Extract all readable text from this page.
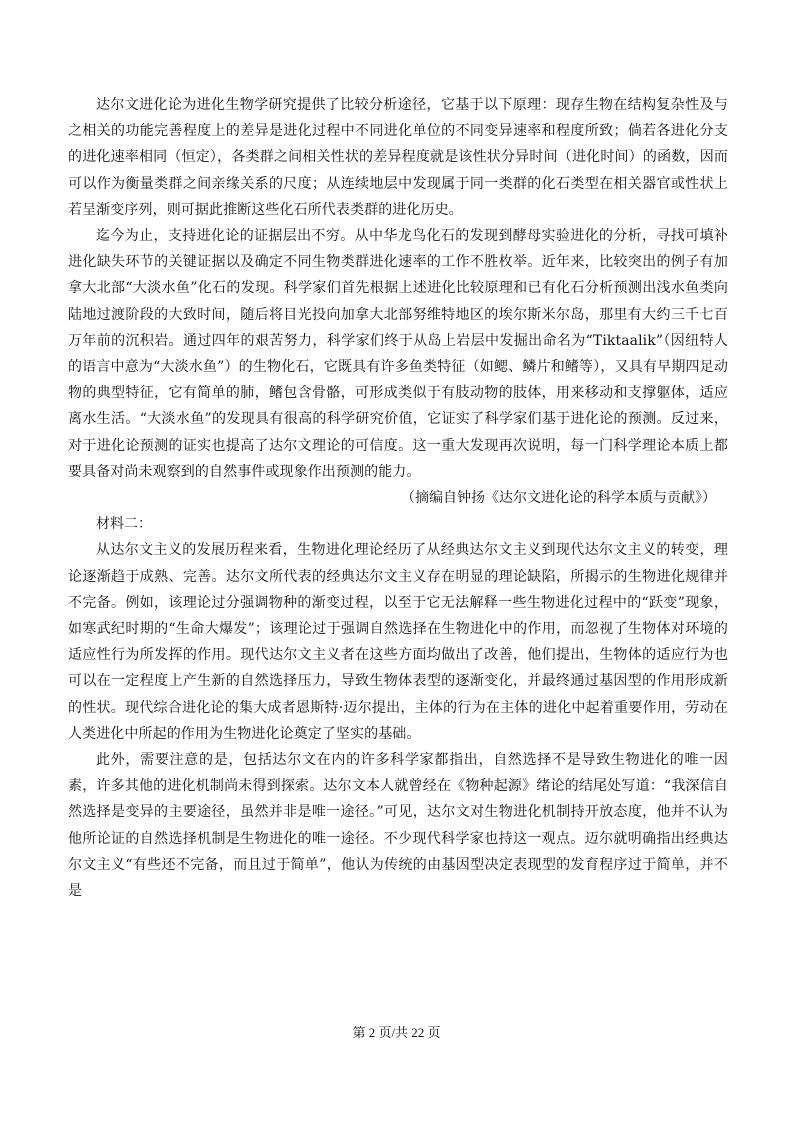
达尔文进化论为进化生物学研究提供了比较分析途径，它基于以下原理：现存生物在结构复杂性及与之相关的功能完善程度上的差异是进化过程中不同进化单位的不同变异速率和程度所致；倘若各进化分支的进化速率相同（恒定），各类群之间相关性状的差异程度就是该性状分异时间（进化时间）的函数，因而可以作为衡量类群之间亲缘关系的尺度；从连续地层中发现属于同一类群的化石类型在相关器官或性状上若呈渐变序列，则可据此推断这些化石所代表类群的进化历史。

迄今为止，支持进化论的证据层出不穷。从中华龙鸟化石的发现到酵母实验进化的分析，寻找可填补进化缺失环节的关键证据以及确定不同生物类群进化速率的工作不胜枚举。近年来，比较突出的例子有加拿大北部“大淡水鱼”化石的发现。科学家们首先根据上述进化比较原理和已有化石分析预测出浅水鱼类向陆地过渡阶段的大致时间，随后将目光投向加拿大北部努维特地区的埃尔斯米尔岛，那里有大约三千七百万年前的沉积岩。通过四年的艰苦努力，科学家们终于从岛上岩层中发掘出命名为“Tiktaalik”（因纽特人的语言中意为“大淡水鱼”）的生物化石，它既具有许多鱼类特征（如鳃、鳞片和鳍等），又具有早期四足动物的典型特征，它有简单的肺，鳍包含骨骼，可形成类似于有肢动物的肢体，用来移动和支撑躯体，适应离水生活。“大淡水鱼”的发现具有很高的科学研究价值，它证实了科学家们基于进化论的预测。反过来，对于进化论预测的证实也提高了达尔文理论的可信度。这一重大发现再次说明，每一门科学理论本质上都要具备对尚未观察到的自然事件或现象作出预测的能力。

（摘编自钟扬《达尔文进化论的科学本质与贡献》）

材料二：

从达尔文主义的发展历程来看，生物进化理论经历了从经典达尔文主义到现代达尔文主义的转变，理论逐渐趋于成熟、完善。达尔文所代表的经典达尔文主义存在明显的理论缺陷，所揭示的生物进化规律并不完备。例如，该理论过分强调物种的渐变过程，以至于它无法解释一些生物进化过程中的“跃变”现象，如寒武纪时期的“生命大爆发”；该理论过于强调自然选择在生物进化中的作用，而忽视了生物体对环境的适应性行为所发挥的作用。现代达尔文主义者在这些方面均做出了改善，他们提出，生物体的适应行为也可以在一定程度上产生新的自然选择压力，导致生物体表型的逐渐变化，并最终通过基因型的作用形成新的性状。现代综合进化论的集大成者恩斯特·迈尔提出，主体的行为在主体的进化中起着重要作用，劳动在人类进化中所起的作用为生物进化论奠定了坚实的基础。

此外，需要注意的是，包括达尔文在内的许多科学家都指出，自然选择不是导致生物进化的唯一因素，许多其他的进化机制尚未得到探索。达尔文本人就曾经在《物种起源》绪论的结尾处写道：“我深信自然选择是变异的主要途径，虽然并非是唯一途径。”可见，达尔文对生物进化机制持开放态度，他并不认为他所论证的自然选择机制是生物进化的唯一途径。不少现代科学家也持这一观点。迈尔就明确指出经典达尔文主义“有些还不完备，而且过于简单”，他认为传统的由基因型决定表现型的发育程序过于简单，并不是

第 2 页/共 22 页
